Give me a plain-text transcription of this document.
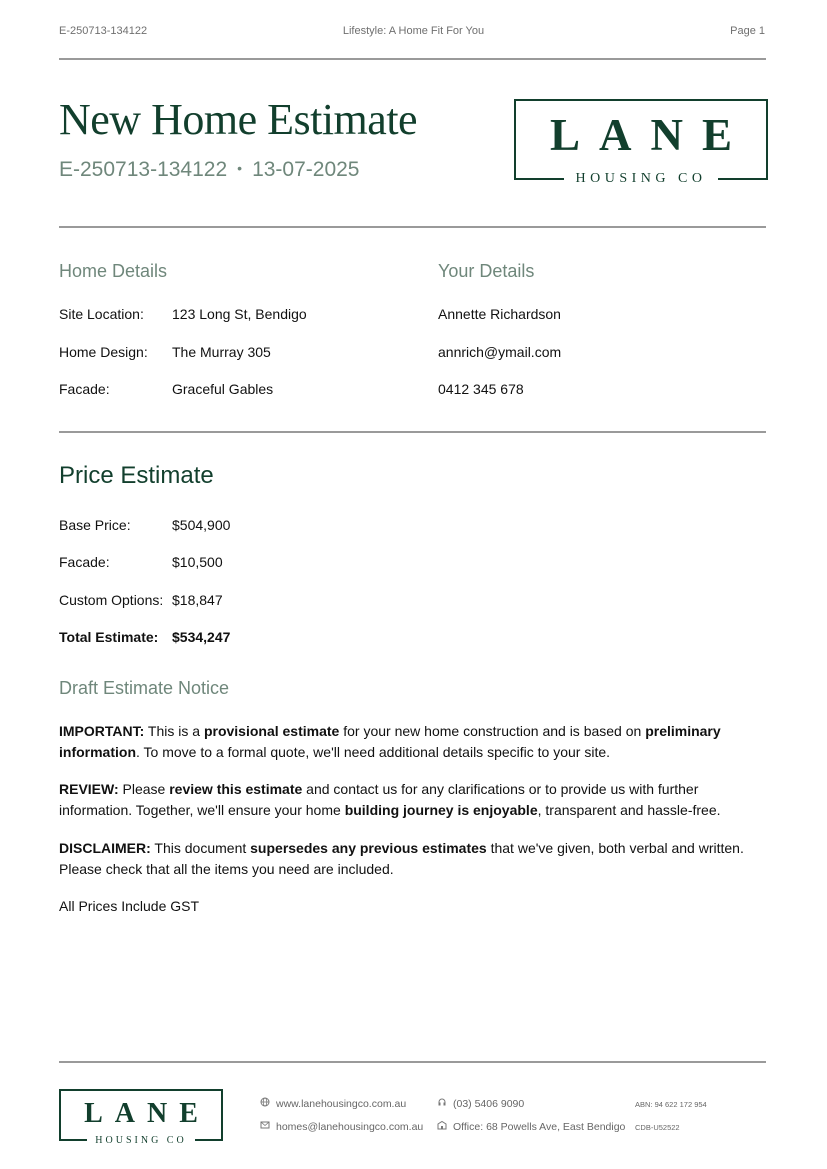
E-250713-134122	Lifestyle: A Home Fit For You	Page 1
New Home Estimate
E-250713-134122 • 13-07-2025
LANE
HOUSING CO
Home Details
Site Location: 123 Long St, Bendigo
Home Design: The Murray 305
Facade:	Graceful Gables
Your Details
Annette Richardson
annrich@ymail.com
0412 345 678
Price Estimate
Base Price:	$504,900
Facade:	$10,500
Custom Options: $18,847
Total Estimate: $534,247
Draft Estimate Notice
IMPORTANT: This is a provisional estimate for your new home construction and is based on preliminary information. To move to a formal quote, we'll need additional details specific to your site.
REVIEW: Please review this estimate and contact us for any clarifications or to provide us with further information. Together, we'll ensure your home building journey is enjoyable, transparent and hassle-free.
DISCLAIMER: This document supersedes any previous estimates that we've given, both verbal and written. Please check that all the items you need are included.
All Prices Include GST
LANE
HOUSING CO
www.lanehousingco.com.au
homes@lanehousingco.com.au
(03) 5406 9090
Office: 68 Powells Ave, East Bendigo
ABN: 94 622 172 954
CDB-U52522
